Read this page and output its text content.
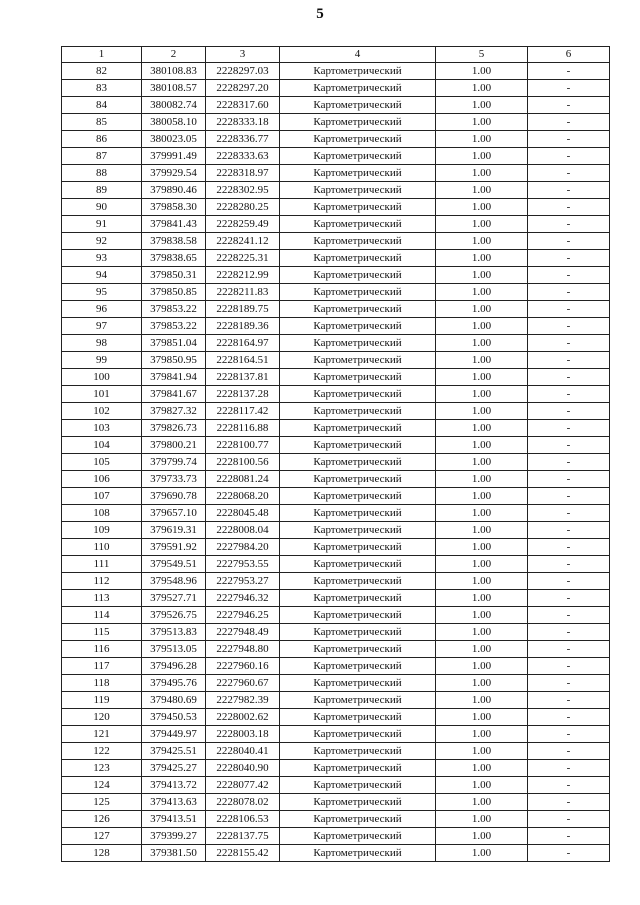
5
1	2	3	4	5	6
82	380108.83	2228297.03	Картометрический	1.00	-
83	380108.57	2228297.20	Картометрический	1.00	-
84	380082.74	2228317.60	Картометрический	1.00	-
85	380058.10	2228333.18	Картометрический	1.00	-
86	380023.05	2228336.77	Картометрический	1.00	-
87	379991.49	2228333.63	Картометрический	1.00	-
88	379929.54	2228318.97	Картометрический	1.00	-
89	379890.46	2228302.95	Картометрический	1.00	-
90	379858.30	2228280.25	Картометрический	1.00	-
91	379841.43	2228259.49	Картометрический	1.00	-
92	379838.58	2228241.12	Картометрический	1.00	-
93	379838.65	2228225.31	Картометрический	1.00	-
94	379850.31	2228212.99	Картометрический	1.00	-
95	379850.85	2228211.83	Картометрический	1.00	-
96	379853.22	2228189.75	Картометрический	1.00	-
97	379853.22	2228189.36	Картометрический	1.00	-
98	379851.04	2228164.97	Картометрический	1.00	-
99	379850.95	2228164.51	Картометрический	1.00	-
100	379841.94	2228137.81	Картометрический	1.00	-
101	379841.67	2228137.28	Картометрический	1.00	-
102	379827.32	2228117.42	Картометрический	1.00	-
103	379826.73	2228116.88	Картометрический	1.00	-
104	379800.21	2228100.77	Картометрический	1.00	-
105	379799.74	2228100.56	Картометрический	1.00	-
106	379733.73	2228081.24	Картометрический	1.00	-
107	379690.78	2228068.20	Картометрический	1.00	-
108	379657.10	2228045.48	Картометрический	1.00	-
109	379619.31	2228008.04	Картометрический	1.00	-
110	379591.92	2227984.20	Картометрический	1.00	-
111	379549.51	2227953.55	Картометрический	1.00	-
112	379548.96	2227953.27	Картометрический	1.00	-
113	379527.71	2227946.32	Картометрический	1.00	-
114	379526.75	2227946.25	Картометрический	1.00	-
115	379513.83	2227948.49	Картометрический	1.00	-
116	379513.05	2227948.80	Картометрический	1.00	-
117	379496.28	2227960.16	Картометрический	1.00	-
118	379495.76	2227960.67	Картометрический	1.00	-
119	379480.69	2227982.39	Картометрический	1.00	-
120	379450.53	2228002.62	Картометрический	1.00	-
121	379449.97	2228003.18	Картометрический	1.00	-
122	379425.51	2228040.41	Картометрический	1.00	-
123	379425.27	2228040.90	Картометрический	1.00	-
124	379413.72	2228077.42	Картометрический	1.00	-
125	379413.63	2228078.02	Картометрический	1.00	-
126	379413.51	2228106.53	Картометрический	1.00	-
127	379399.27	2228137.75	Картометрический	1.00	-
128	379381.50	2228155.42	Картометрический	1.00	-
